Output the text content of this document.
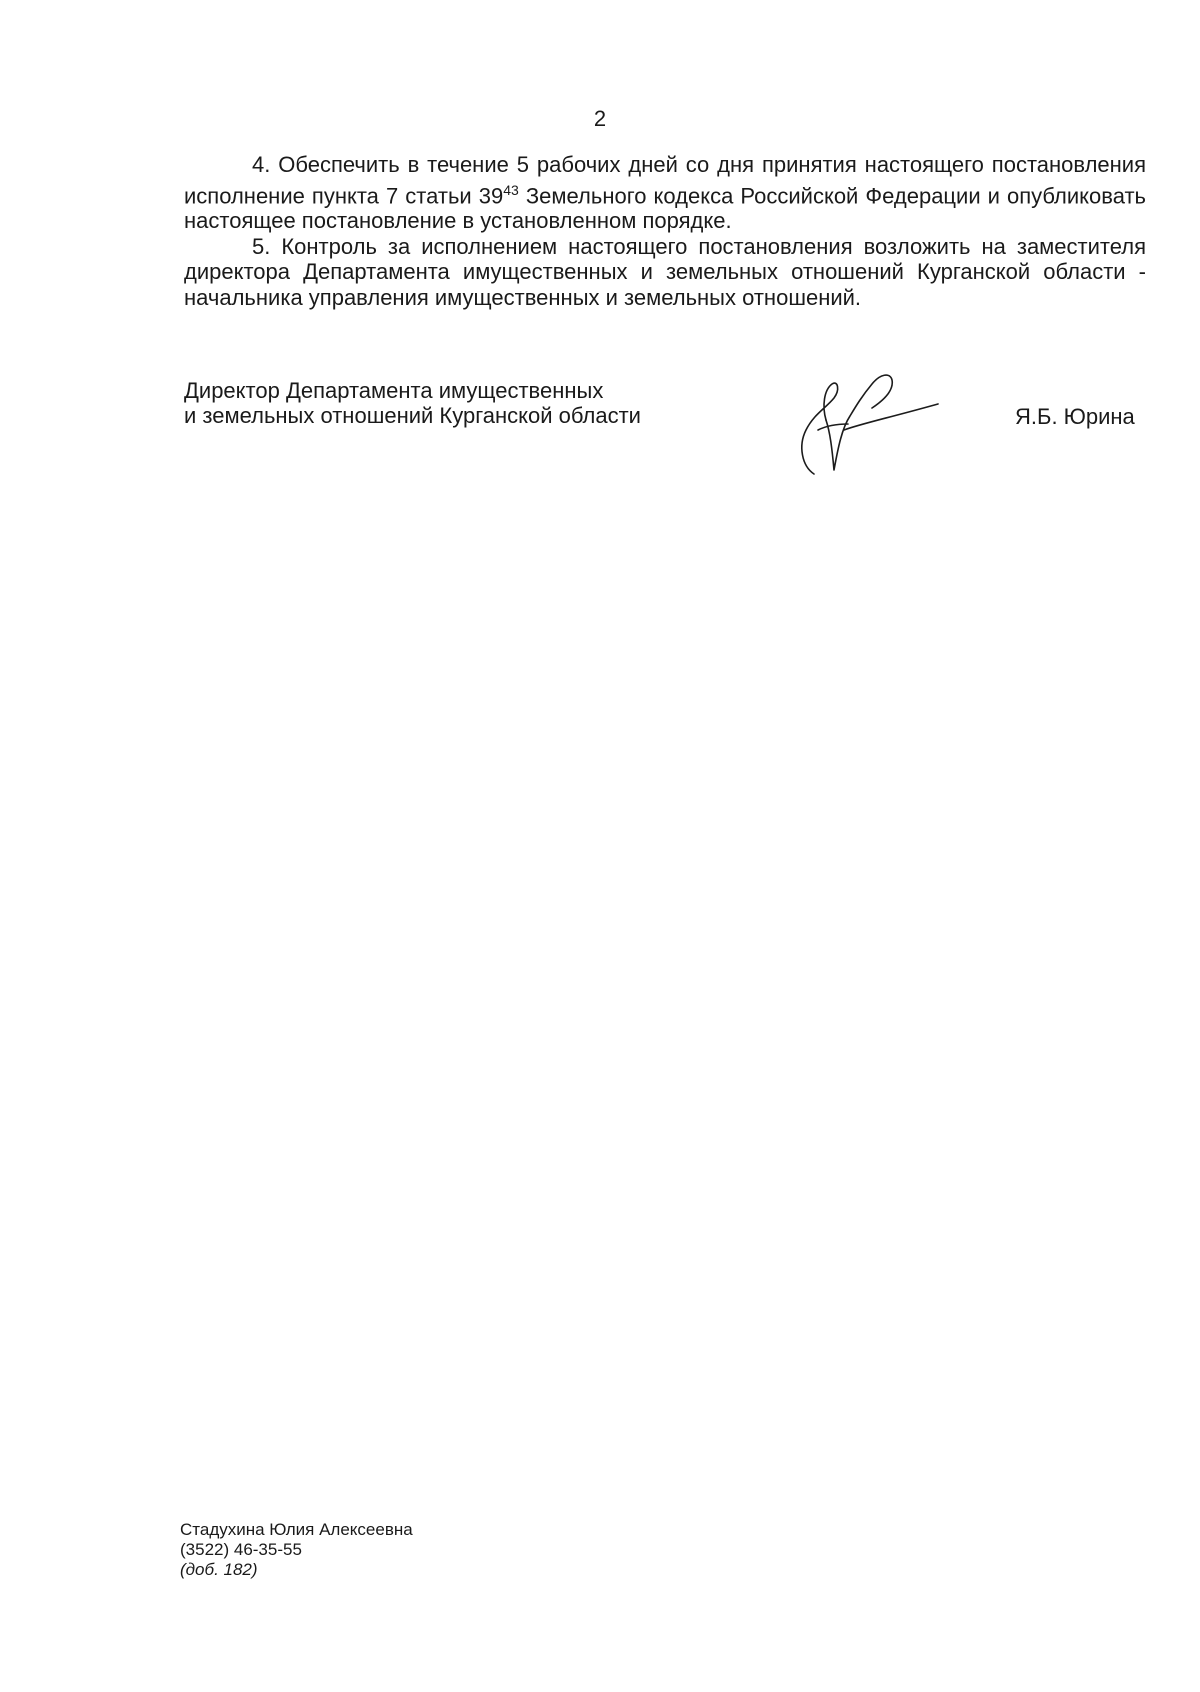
2

4. Обеспечить в течение 5 рабочих дней со дня принятия настоящего постановления исполнение пункта 7 статьи $39^{43}$ Земельного кодекса Российской Федерации и опубликовать настоящее постановление в установленном порядке.

5. Контроль за исполнением настоящего постановления возложить на заместителя директора Департамента имущественных и земельных отношений Курганской области - начальника управления имущественных и земельных отношений.

Директор Департамента имущественных
и земельных отношений Курганской области	Я.Б. Юрина
Стадухина Юлия Алексеевна
(3522) 46-35-55
(доб. 182)
